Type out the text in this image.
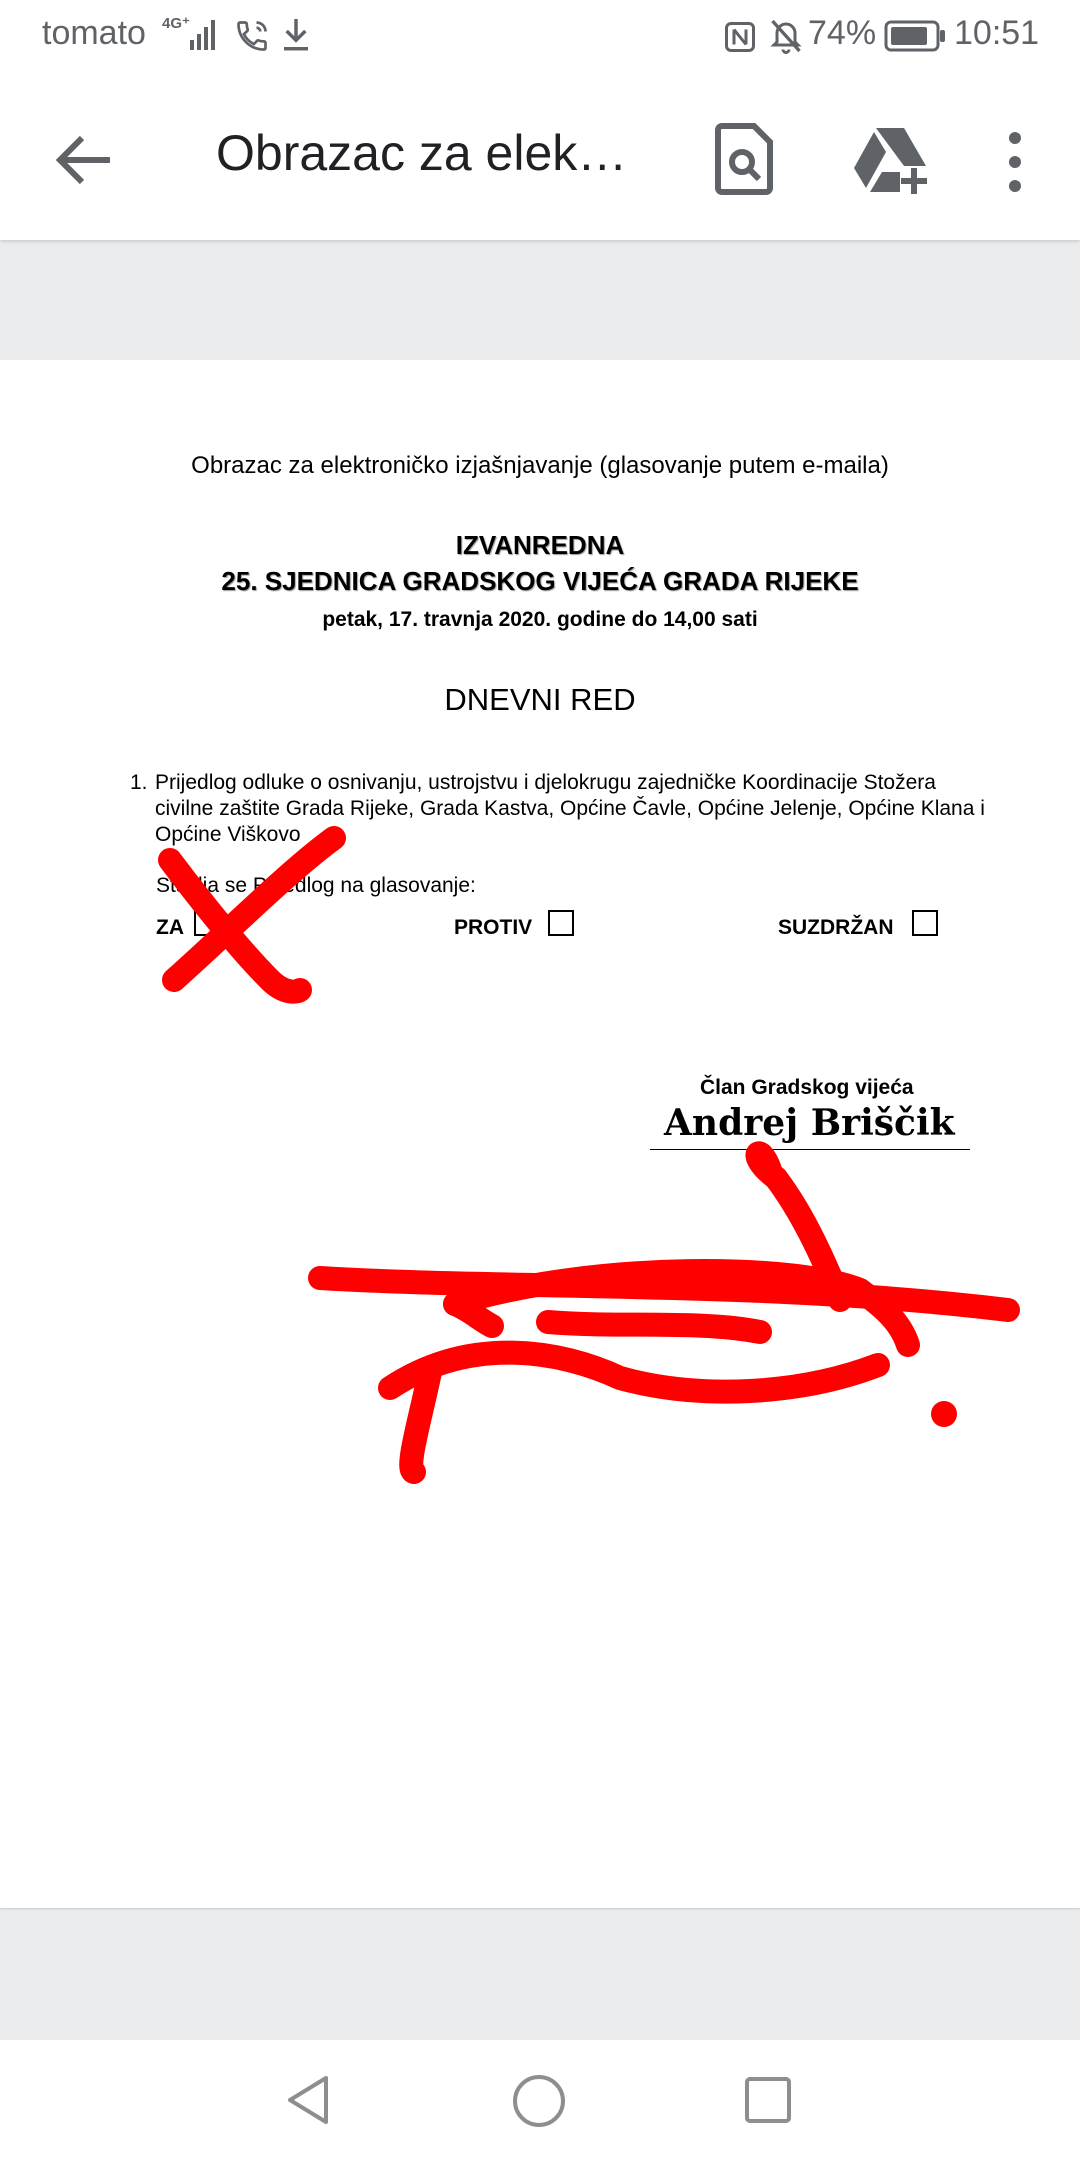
tomato 4G⁺	74% 10:51
Obrazac za elek…
Obrazac za elektroničko izjašnjavanje (glasovanje putem e-maila)
IZVANREDNA
25. SJEDNICA GRADSKOG VIJEĆA GRADA RIJEKE
petak, 17. travnja 2020. godine do 14,00 sati
DNEVNI RED
1. Prijedlog odluke o osnivanju, ustrojstvu i djelokrugu zajedničke Koordinacije Stožera civilne zaštite Grada Rijeke, Grada Kastva, Općine Čavle, Općine Jelenje, Općine Klana i Općine Viškovo
Stavlja se Prijedlog na glasovanje:
ZA	PROTIV	SUZDRŽAN
Član Gradskog vijeća
Andrej Briščik
